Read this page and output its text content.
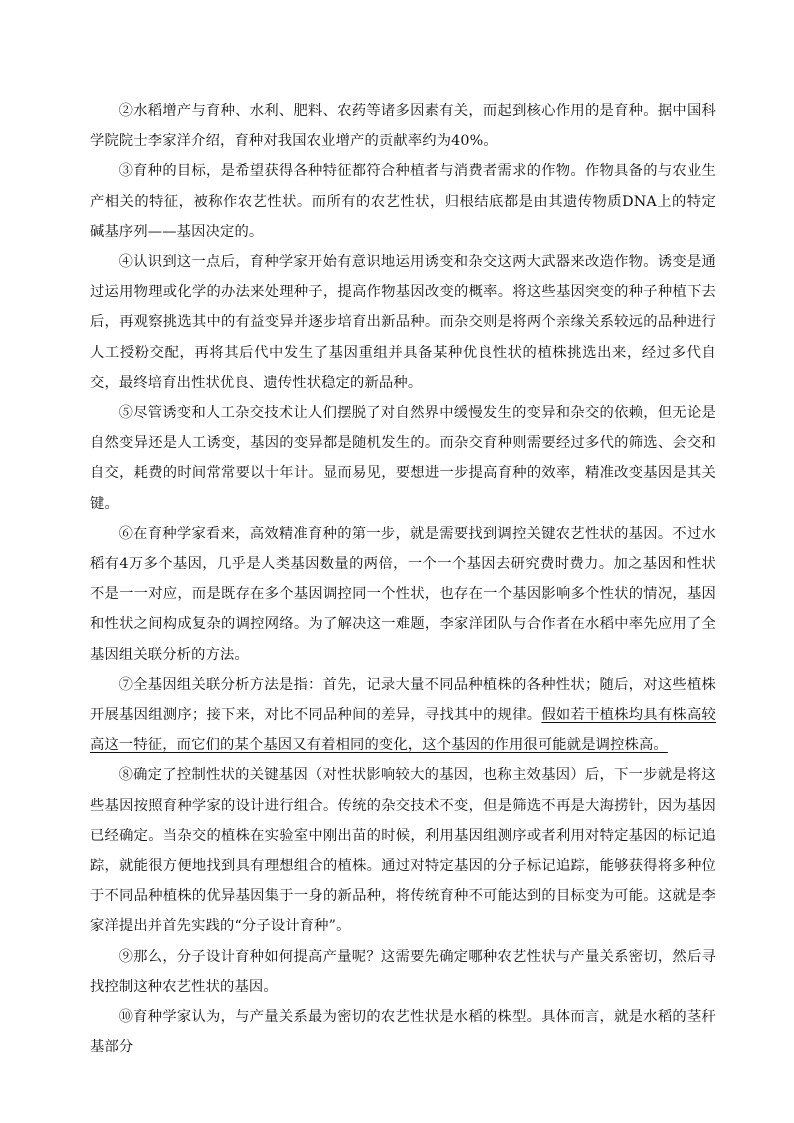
②水稻增产与育种、水利、肥料、农药等诸多因素有关，而起到核心作用的是育种。据中国科学院院士李家洋介绍，育种对我国农业增产的贡献率约为40%。

③育种的目标，是希望获得各种特征都符合种植者与消费者需求的作物。作物具备的与农业生产相关的特征，被称作农艺性状。而所有的农艺性状，归根结底都是由其遗传物质DNA上的特定碱基序列——基因决定的。

④认识到这一点后，育种学家开始有意识地运用诱变和杂交这两大武器来改造作物。诱变是通过运用物理或化学的办法来处理种子，提高作物基因改变的概率。将这些基因突变的种子种植下去后，再观察挑选其中的有益变异并逐步培育出新品种。而杂交则是将两个亲缘关系较远的品种进行人工授粉交配，再将其后代中发生了基因重组并具备某种优良性状的植株挑选出来，经过多代自交，最终培育出性状优良、遗传性状稳定的新品种。

⑤尽管诱变和人工杂交技术让人们摆脱了对自然界中缓慢发生的变异和杂交的依赖，但无论是自然变异还是人工诱变，基因的变异都是随机发生的。而杂交育种则需要经过多代的筛选、会交和自交，耗费的时间常常要以十年计。显而易见，要想进一步提高育种的效率，精准改变基因是其关键。

⑥在育种学家看来，高效精准育种的第一步，就是需要找到调控关键农艺性状的基因。不过水稻有4万多个基因，几乎是人类基因数量的两倍，一个一个基因去研究费时费力。加之基因和性状不是一一对应，而是既存在多个基因调控同一个性状，也存在一个基因影响多个性状的情况，基因和性状之间构成复杂的调控网络。为了解决这一难题，李家洋团队与合作者在水稻中率先应用了全基因组关联分析的方法。

⑦全基因组关联分析方法是指：首先，记录大量不同品种植株的各种性状；随后，对这些植株开展基因组测序；接下来，对比不同品种间的差异，寻找其中的规律。假如若干植株均具有株高较高这一特征，而它们的某个基因又有着相同的变化，这个基因的作用很可能就是调控株高。

⑧确定了控制性状的关键基因（对性状影响较大的基因，也称主效基因）后，下一步就是将这些基因按照育种学家的设计进行组合。传统的杂交技术不变，但是筛选不再是大海捞针，因为基因已经确定。当杂交的植株在实验室中刚出苗的时候，利用基因组测序或者利用对特定基因的标记追踪，就能很方便地找到具有理想组合的植株。通过对特定基因的分子标记追踪，能够获得将多种位于不同品种植株的优异基因集于一身的新品种，将传统育种不可能达到的目标变为可能。这就是李家洋提出并首先实践的“分子设计育种”。

⑨那么，分子设计育种如何提高产量呢？这需要先确定哪种农艺性状与产量关系密切，然后寻找控制这种农艺性状的基因。

⑩育种学家认为，与产量关系最为密切的农艺性状是水稻的株型。具体而言，就是水稻的茎秆基部分
